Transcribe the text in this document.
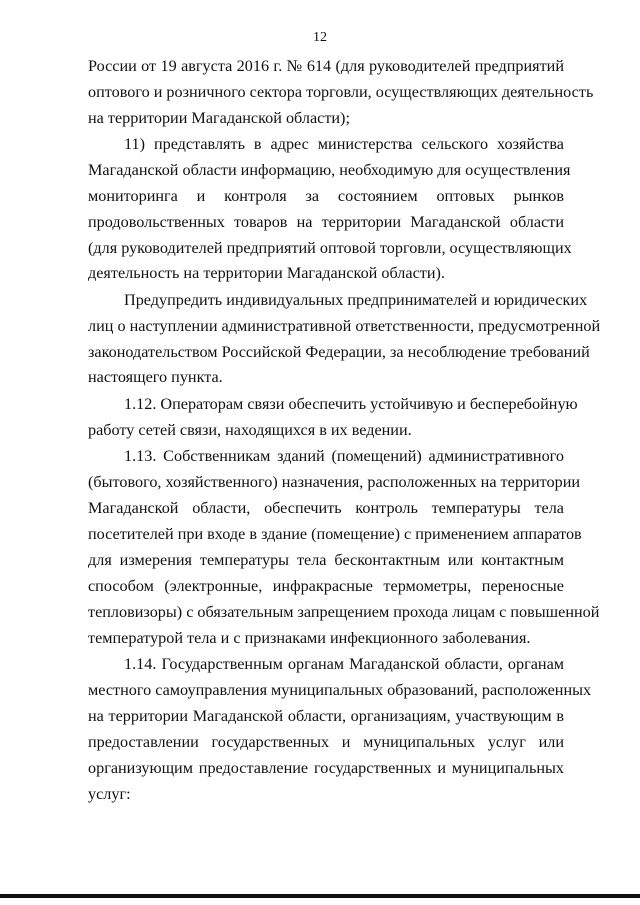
12
России от 19 августа 2016 г. № 614 (для руководителей предприятий
оптового и розничного сектора торговли, осуществляющих деятельность
на территории Магаданской области);
11) представлять в адрес министерства сельского хозяйства
Магаданской области информацию, необходимую для осуществления
мониторинга и контроля за состоянием оптовых рынков
продовольственных товаров на территории Магаданской области
(для руководителей предприятий оптовой торговли, осуществляющих
деятельность на территории Магаданской области).
Предупредить индивидуальных предпринимателей и юридических
лиц о наступлении административной ответственности, предусмотренной
законодательством Российской Федерации, за несоблюдение требований
настоящего пункта.
1.12. Операторам связи обеспечить устойчивую и бесперебойную
работу сетей связи, находящихся в их ведении.
1.13. Собственникам зданий (помещений) административного
(бытового, хозяйственного) назначения, расположенных на территории
Магаданской области, обеспечить контроль температуры тела
посетителей при входе в здание (помещение) с применением аппаратов
для измерения температуры тела бесконтактным или контактным
способом (электронные, инфракрасные термометры, переносные
тепловизоры) с обязательным запрещением прохода лицам с повышенной
температурой тела и с признаками инфекционного заболевания.
1.14. Государственным органам Магаданской области, органам
местного самоуправления муниципальных образований, расположенных
на территории Магаданской области, организациям, участвующим в
предоставлении государственных и муниципальных услуг или
организующим предоставление государственных и муниципальных
услуг:
